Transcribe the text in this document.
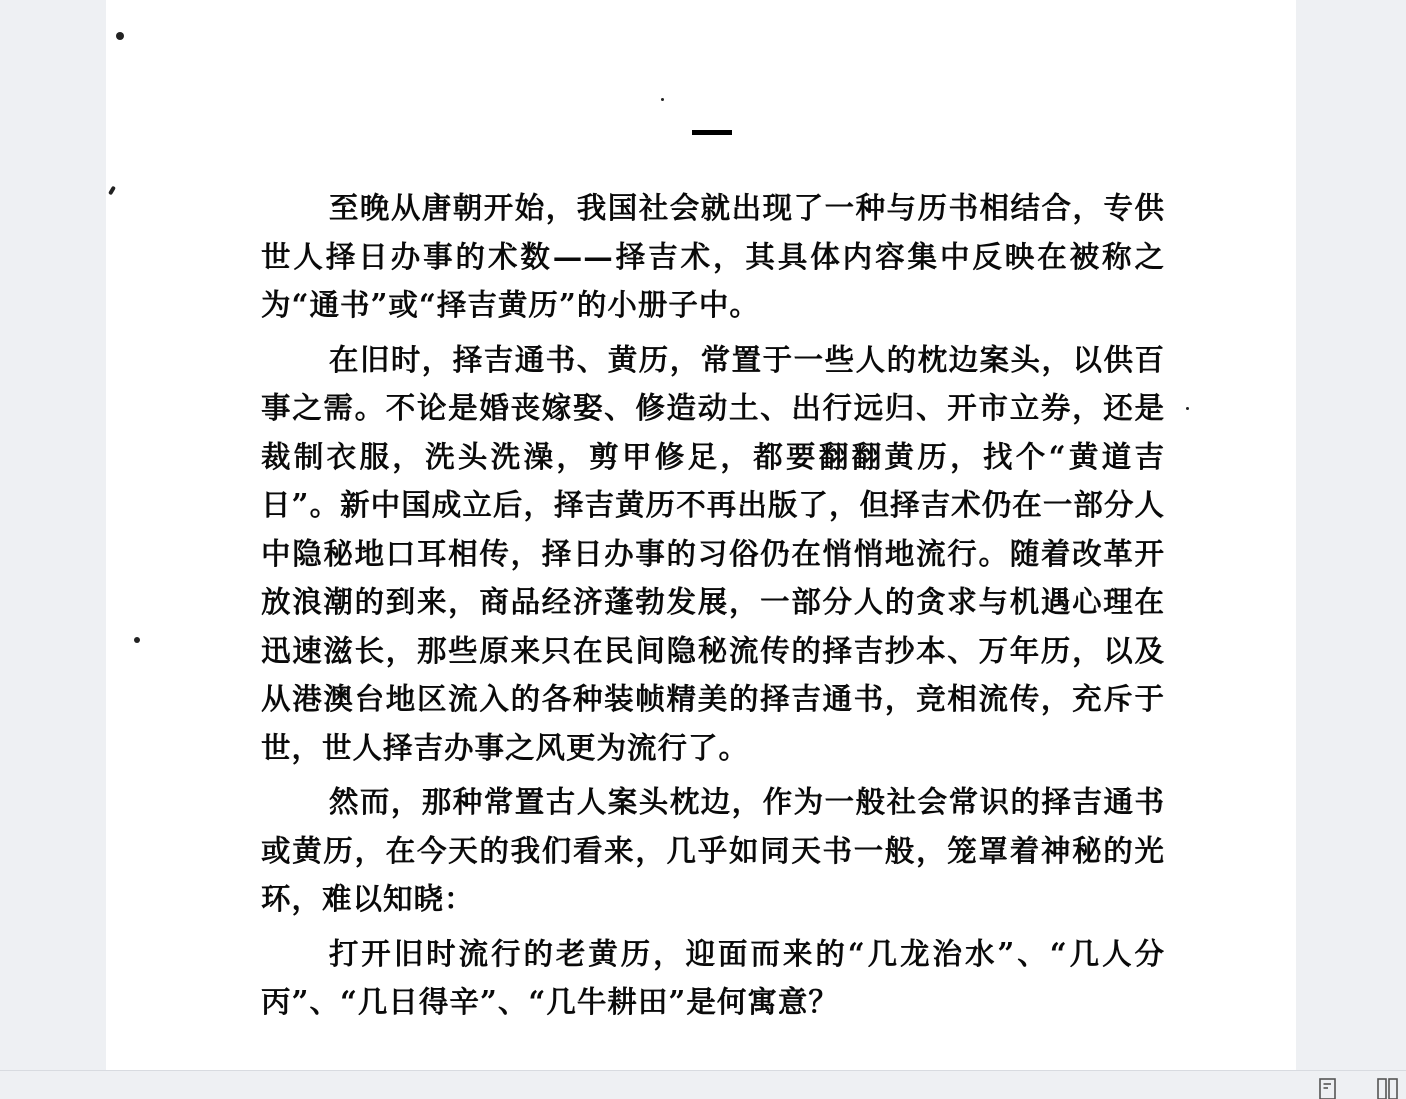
至晚从唐朝开始，我国社会就出现了一种与历书相结合，专供世人择日办事的术数——择吉术，其具体内容集中反映在被称之为“通书”或“择吉黄历”的小册子中。

在旧时，择吉通书、黄历，常置于一些人的枕边案头，以供百事之需。不论是婚丧嫁娶、修造动土、出行远归、开市立券，还是裁制衣服，洗头洗澡，剪甲修足，都要翻翻黄历，找个“黄道吉日”。新中国成立后，择吉黄历不再出版了，但择吉术仍在一部分人中隐秘地口耳相传，择日办事的习俗仍在悄悄地流行。随着改革开放浪潮的到来，商品经济蓬勃发展，一部分人的贪求与机遇心理在迅速滋长，那些原来只在民间隐秘流传的择吉抄本、万年历，以及从港澳台地区流入的各种装帧精美的择吉通书，竞相流传，充斥于世，世人择吉办事之风更为流行了。

然而，那种常置古人案头枕边，作为一般社会常识的择吉通书或黄历，在今天的我们看来，几乎如同天书一般，笼罩着神秘的光环，难以知晓：

打开旧时流行的老黄历，迎面而来的“几龙治水”、“几人分丙”、“几日得辛”、“几牛耕田”是何寓意？
